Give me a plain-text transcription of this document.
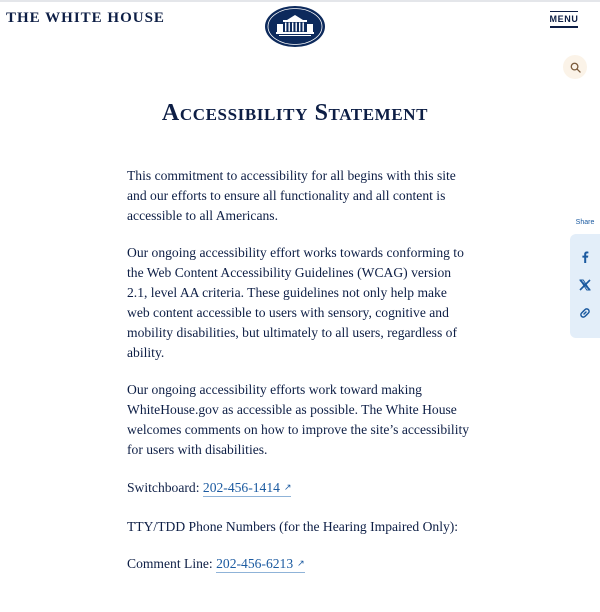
THE WHITE HOUSE	MENU
Accessibility Statement

This commitment to accessibility for all begins with this site and our efforts to ensure all functionality and all content is accessible to all Americans.

Our ongoing accessibility effort works towards conforming to the Web Content Accessibility Guidelines (WCAG) version 2.1, level AA criteria. These guidelines not only help make web content accessible to users with sensory, cognitive and mobility disabilities, but ultimately to all users, regardless of ability.

Our ongoing accessibility efforts work toward making WhiteHouse.gov as accessible as possible. The White House welcomes comments on how to improve the site’s accessibility for users with disabilities.

Switchboard: 202-456-1414 ↗

TTY/TDD Phone Numbers (for the Hearing Impaired Only):

Comment Line: 202-456-6213 ↗

Share
